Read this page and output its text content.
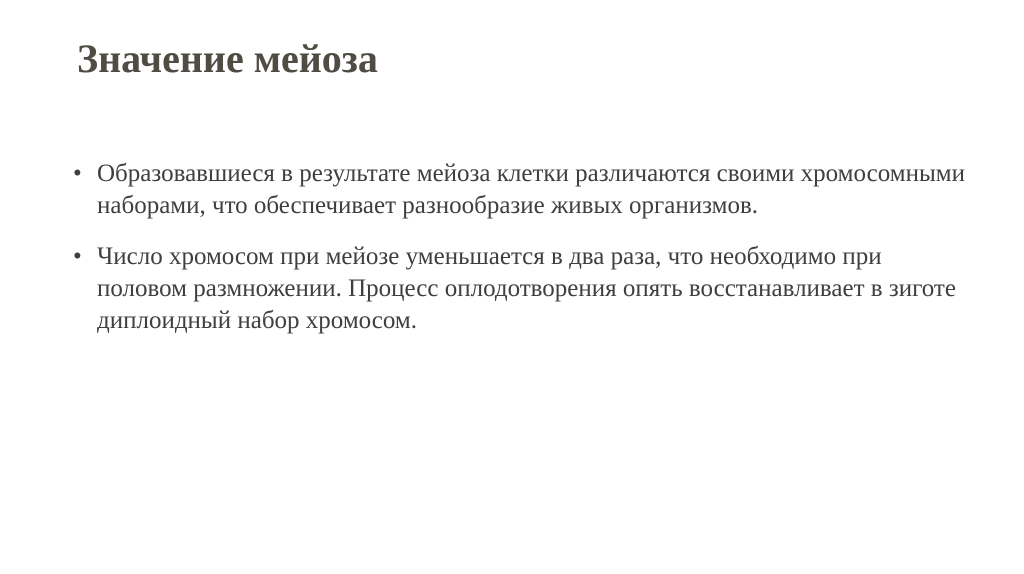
Значение мейоза
• Образовавшиеся в результате мейоза клетки различаются своими хромосомными наборами, что обеспечивает разнообразие живых организмов.
• Число хромосом при мейозе уменьшается в два раза, что необходимо при половом размножении. Процесс оплодотворения опять восстанавливает в зиготе диплоидный набор хромосом.
